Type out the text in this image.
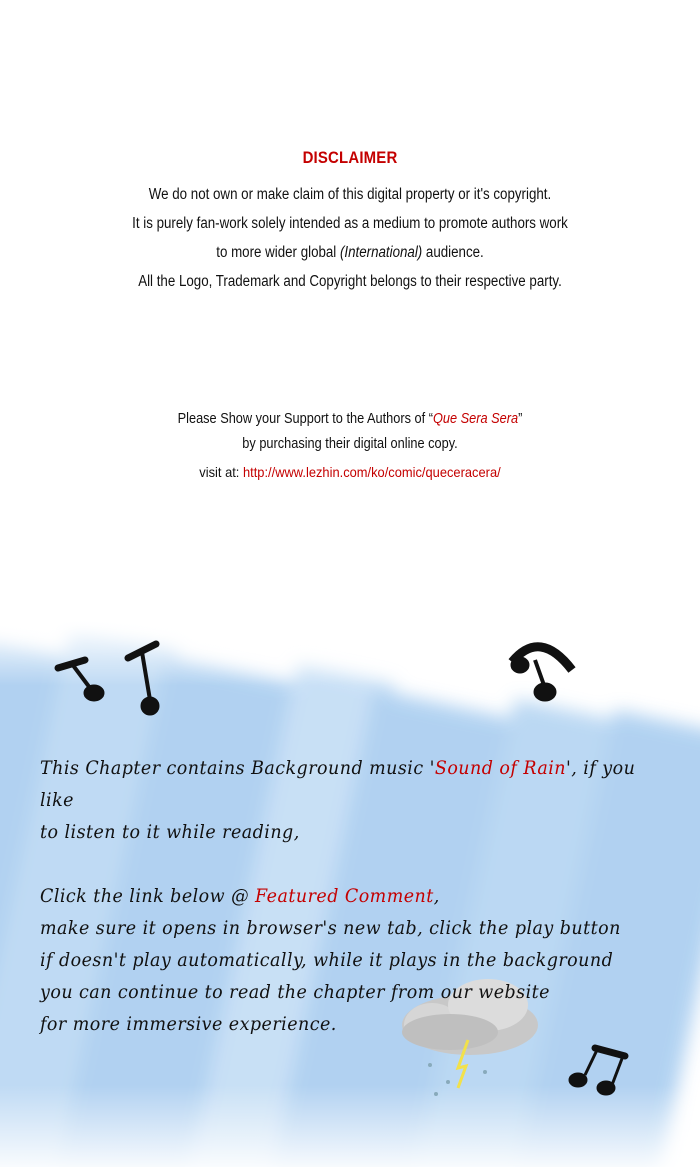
DISCLAIMER
We do not own or make claim of this digital property or it's copyright.
It is purely fan-work solely intended as a medium to promote authors work
to more wider global (International) audience.
All the Logo, Trademark and Copyright belongs to their respective party.
Please Show your Support to the Authors of “Que Sera Sera”
by purchasing their digital online copy.
visit at: http://www.lezhin.com/ko/comic/queceracera/
This Chapter contains Background music 'Sound of Rain', if you like
to listen to it while reading,
Click the link below @ Featured Comment,
make sure it opens in browser's new tab, click the play button
if doesn't play automatically, while it plays in the background
you can continue to read the chapter from our website
for more immersive experience.
